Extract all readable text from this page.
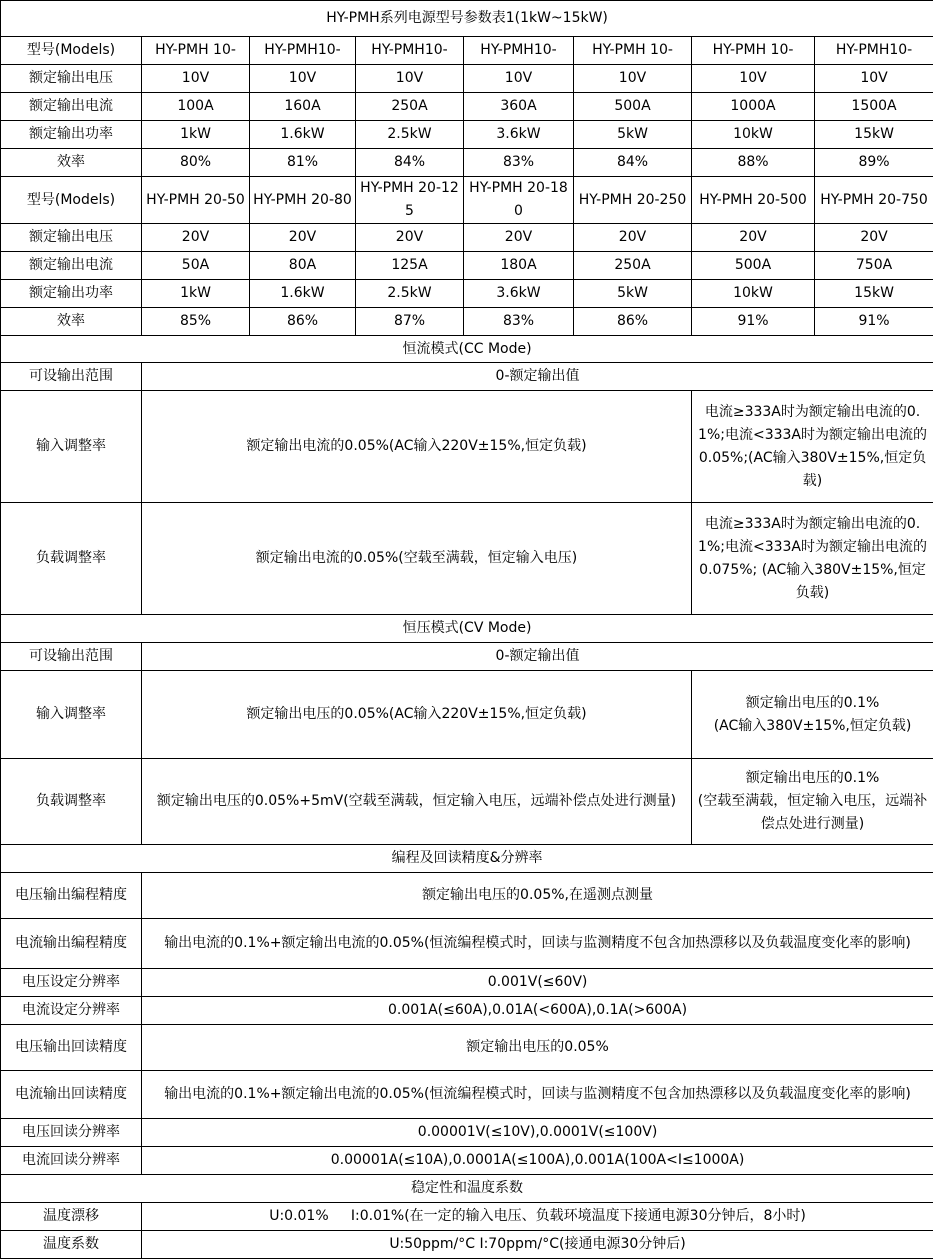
HY-PMH系列电源型号参数表1(1kW~15kW)							
型号(Models)	HY-PMH 10-	HY-PMH10-	HY-PMH10-	HY-PMH10-	HY-PMH 10-	HY-PMH 10-	HY-PMH10-
额定输出电压	10V	10V	10V	10V	10V	10V	10V
额定输出电流	100A	160A	250A	360A	500A	1000A	1500A
额定输出功率	1kW	1.6kW	2.5kW	3.6kW	5kW	10kW	15kW
效率	80%	81%	84%	83%	84%	88%	89%
型号(Models)	HY-PMH 20-50	HY-PMH 20-80	HY-PMH 20-125	HY-PMH 20-180	HY-PMH 20-250	HY-PMH 20-500	HY-PMH 20-750
额定输出电压	20V	20V	20V	20V	20V	20V	20V
额定输出电流	50A	80A	125A	180A	250A	500A	750A
额定输出功率	1kW	1.6kW	2.5kW	3.6kW	5kW	10kW	15kW
效率	85%	86%	87%	83%	86%	91%	91%
恒流模式(CC Mode)							
可设输出范围	0-额定输出值						
输入调整率	额定输出电流的0.05%(AC输入220V±15%,恒定负载)					电流≥333A时为额定输出电流的0.1%;电流<333A时为额定输出电流的0.05%;(AC输入380V±15%,恒定负载)	
负载调整率	额定输出电流的0.05%(空载至满载，恒定输入电压)					电流≥333A时为额定输出电流的0.1%;电流<333A时为额定输出电流的0.075%; (AC输入380V±15%,恒定负载)	
恒压模式(CV Mode)							
可设输出范围	0-额定输出值						
输入调整率	额定输出电压的0.05%(AC输入220V±15%,恒定负载)					额定输出电压的0.1%
(AC输入380V±15%,恒定负载)	
负载调整率	额定输出电压的0.05%+5mV(空载至满载，恒定输入电压，远端补偿点处进行测量)					额定输出电压的0.1%
(空载至满载，恒定输入电压，远端补偿点处进行测量)	
编程及回读精度&分辨率							
电压输出编程精度	额定输出电压的0.05%,在遥测点测量						
电流输出编程精度	输出电流的0.1%+额定输出电流的0.05%(恒流编程模式时，回读与监测精度不包含加热漂移以及负载温度变化率的影响)						
电压设定分辨率	0.001V(≤60V)						
电流设定分辨率	0.001A(≤60A),0.01A(<600A),0.1A(>600A)						
电压输出回读精度	额定输出电压的0.05%						
电流输出回读精度	输出电流的0.1%+额定输出电流的0.05%(恒流编程模式时，回读与监测精度不包含加热漂移以及负载温度变化率的影响)						
电压回读分辨率	0.00001V(≤10V),0.0001V(≤100V)						
电流回读分辨率	0.00001A(≤10A),0.0001A(≤100A),0.001A(100A<I≤1000A)						
稳定性和温度系数							
温度漂移	U:0.01%     I:0.01%(在一定的输入电压、负载环境温度下接通电源30分钟后，8小时)						
温度系数	U:50ppm/°C I:70ppm/°C(接通电源30分钟后)						
